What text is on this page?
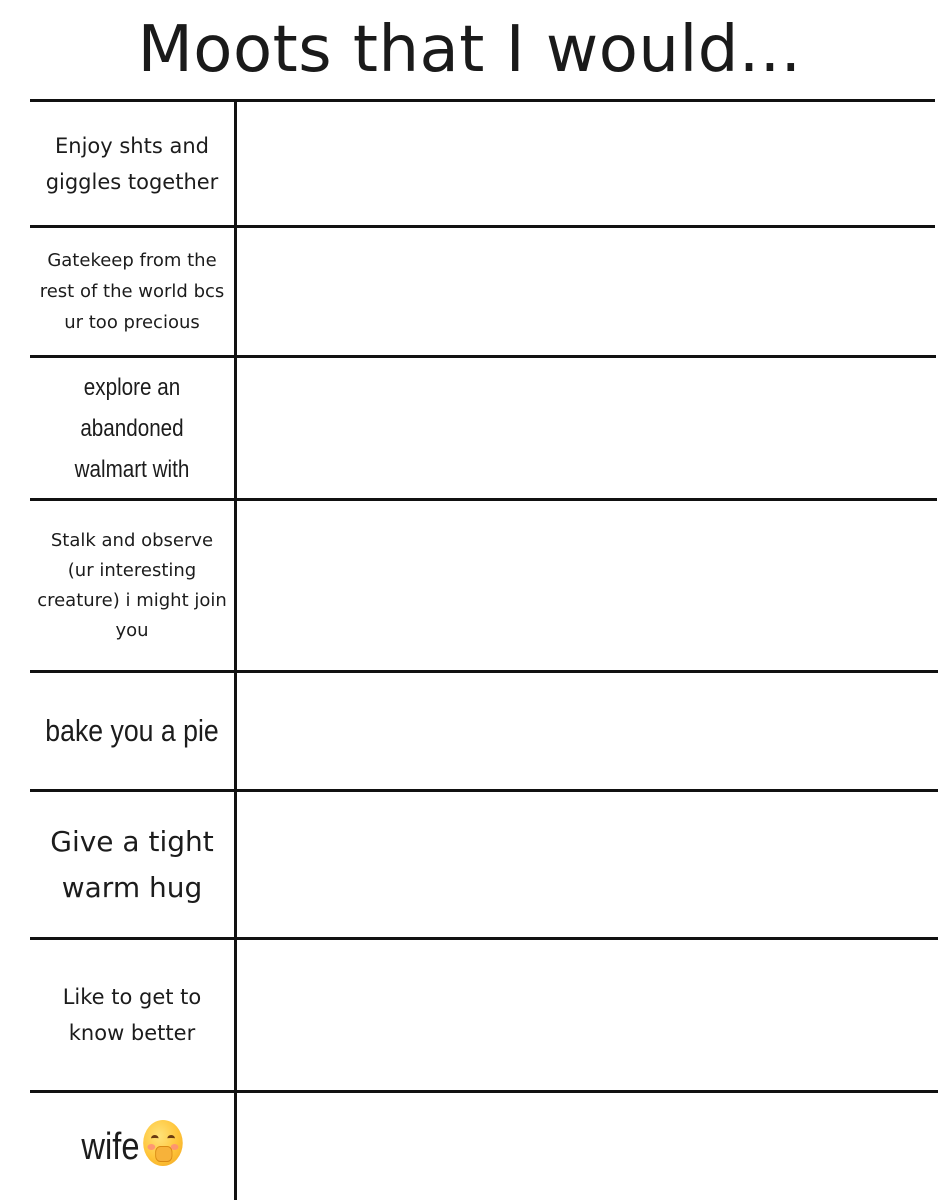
Moots that I would...
Enjoy shts and giggles together
Gatekeep from the rest of the world bcs ur too precious
explore an abandoned walmart with
Stalk and observe (ur interesting creature) i might join you
bake you a pie
Give a tight warm hug
Like to get to know better
wife
